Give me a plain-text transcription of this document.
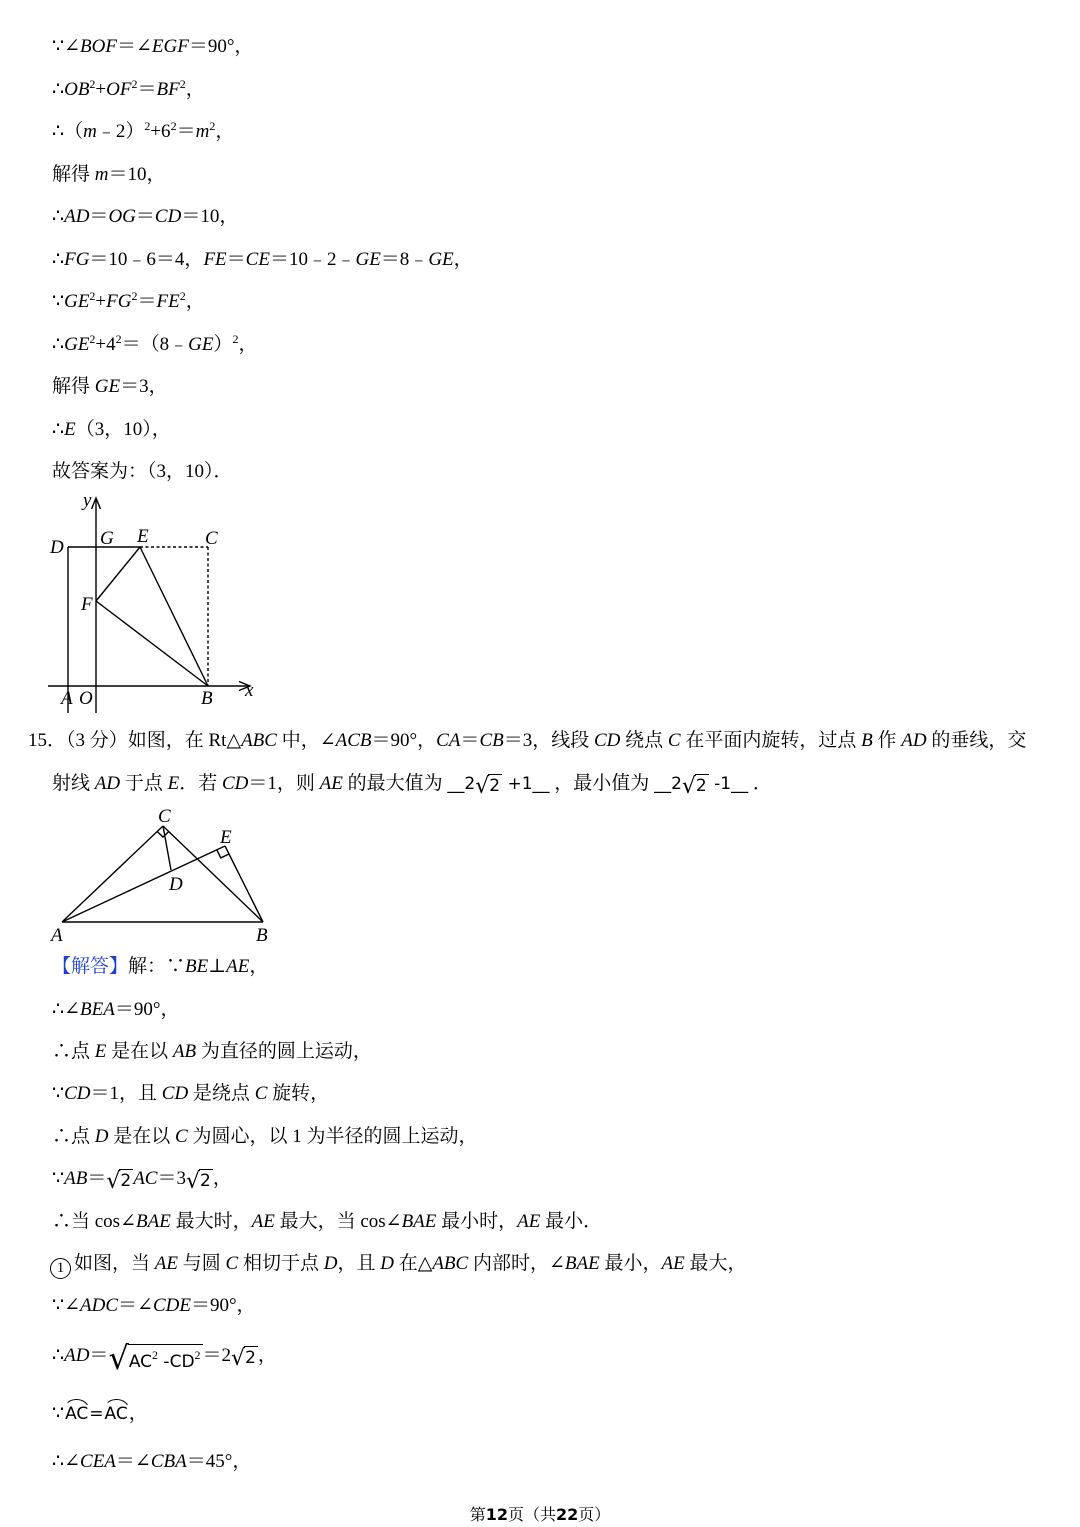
∵∠BOF＝∠EGF＝90°，
$\therefore OB^2+OF^2=BF^2$，
$\therefore(m﹣2)^2+6^2=m^2$，
解得 m＝10，
∴AD＝OG＝CD＝10，
∴FG＝10﹣6＝4，FE＝CE＝10﹣2﹣GE＝8﹣GE，
$\because GE^2+FG^2=FE^2$，
$\therefore GE^2+4^2=(8﹣GE)^2$，
解得 GE＝3，
∴E（3，10），
故答案为：（3，10）．
y
D G E	C
F
A O	B x
15．（3 分）如图，在 Rt△ABC 中，∠ACB＝90°，CA＝CB＝3，线段 CD 绕点 C 在平面内旋转，过点 B 作 AD 的垂线，交
射线 AD 于点 E．若 CD＝1，则 AE 的最大值为 __2 √ 2 +1__ ，最小值为 __2 √ 2 -1__ ．
C
E
D
A	B
【解答】解：∵BE⊥AE，
∴∠BEA＝90°，
∴点 E 是在以 AB 为直径的圆上运动，
∵CD＝1，且 CD 是绕点 C 旋转，
∴点 D 是在以 C 为圆心，以 1 为半径的圆上运动，
∵AB＝ √ 2 AC＝3 √ 2 ，
∴当 cos∠BAE 最大时，AE 最大，当 cos∠BAE 最小时，AE 最小．
1 如图，当 AE 与圆 C 相切于点 D，且 D 在△ABC 内部时，∠BAE 最小，AE 最大，
∵∠ADC＝∠CDE＝90°，
∴AD＝ √ $AC^2$ $-CD^2 =2$ √ 2 ，
∵AC=AC，
∴∠CEA＝∠CBA＝45°，
第12页（共22页）
